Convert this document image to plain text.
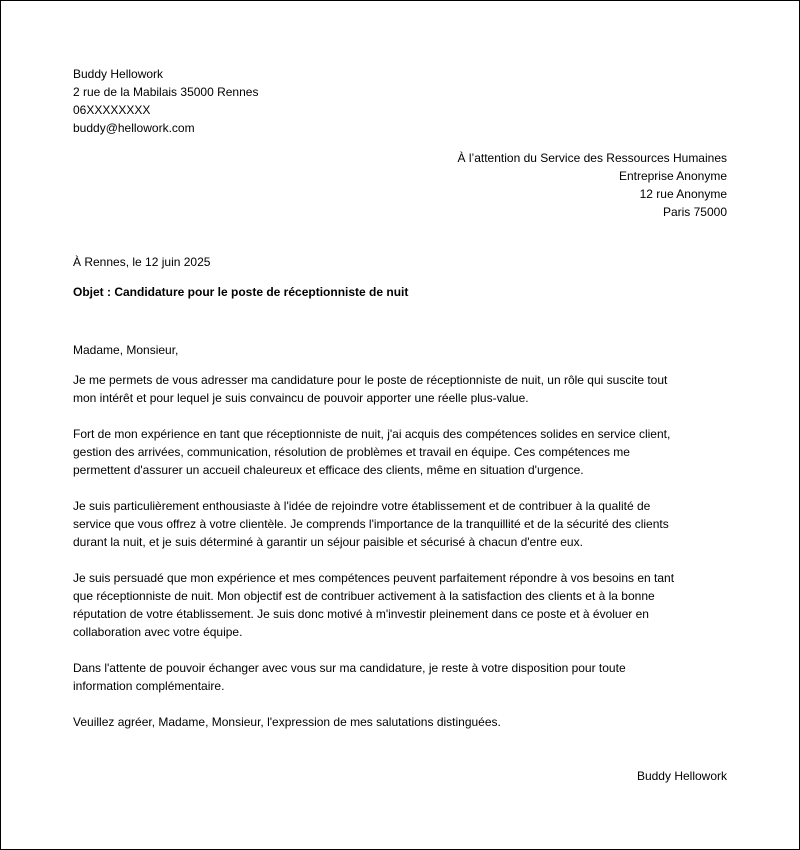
Buddy Hellowork
2 rue de la Mabilais 35000 Rennes
06XXXXXXXX
buddy@hellowork.com
À l’attention du Service des Ressources Humaines
Entreprise Anonyme
12 rue Anonyme
Paris 75000
À Rennes, le 12 juin 2025
Objet : Candidature pour le poste de réceptionniste de nuit
Madame, Monsieur,
Je me permets de vous adresser ma candidature pour le poste de réceptionniste de nuit, un rôle qui suscite tout
mon intérêt et pour lequel je suis convaincu de pouvoir apporter une réelle plus-value.
Fort de mon expérience en tant que réceptionniste de nuit, j'ai acquis des compétences solides en service client,
gestion des arrivées, communication, résolution de problèmes et travail en équipe. Ces compétences me
permettent d'assurer un accueil chaleureux et efficace des clients, même en situation d'urgence.
Je suis particulièrement enthousiaste à l'idée de rejoindre votre établissement et de contribuer à la qualité de
service que vous offrez à votre clientèle. Je comprends l'importance de la tranquillité et de la sécurité des clients
durant la nuit, et je suis déterminé à garantir un séjour paisible et sécurisé à chacun d'entre eux.
Je suis persuadé que mon expérience et mes compétences peuvent parfaitement répondre à vos besoins en tant
que réceptionniste de nuit. Mon objectif est de contribuer activement à la satisfaction des clients et à la bonne
réputation de votre établissement. Je suis donc motivé à m'investir pleinement dans ce poste et à évoluer en
collaboration avec votre équipe.
Dans l'attente de pouvoir échanger avec vous sur ma candidature, je reste à votre disposition pour toute
information complémentaire.
Veuillez agréer, Madame, Monsieur, l'expression de mes salutations distinguées.
Buddy Hellowork
